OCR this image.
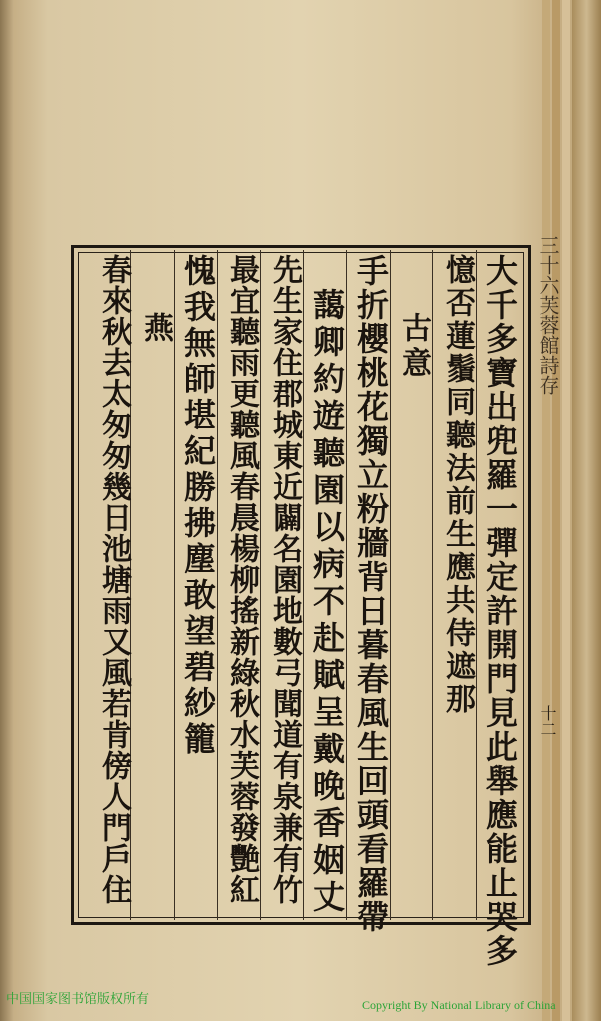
大千多寶出兜羅一彈定許開門見此舉應能止哭多
憶否蓮鬚同聽法前生應共侍遮那
古意
手折櫻桃花獨立粉牆背日暮春風生回頭看羅帶
藹卿約遊聽園以病不赴賦呈戴晚香姻丈
先生家住郡城東近闢名園地數弓聞道有泉兼有竹
最宜聽雨更聽風春晨楊柳搖新綠秋水芙蓉發艷紅
愧我無師堪紀勝拂塵敢望碧紗籠
燕
春來秋去太匆匆幾日池塘雨又風若肯傍人門戶住	三十六芙蓉館詩存
十二
中国国家图书馆版权所有	Copyright By National Library of China
